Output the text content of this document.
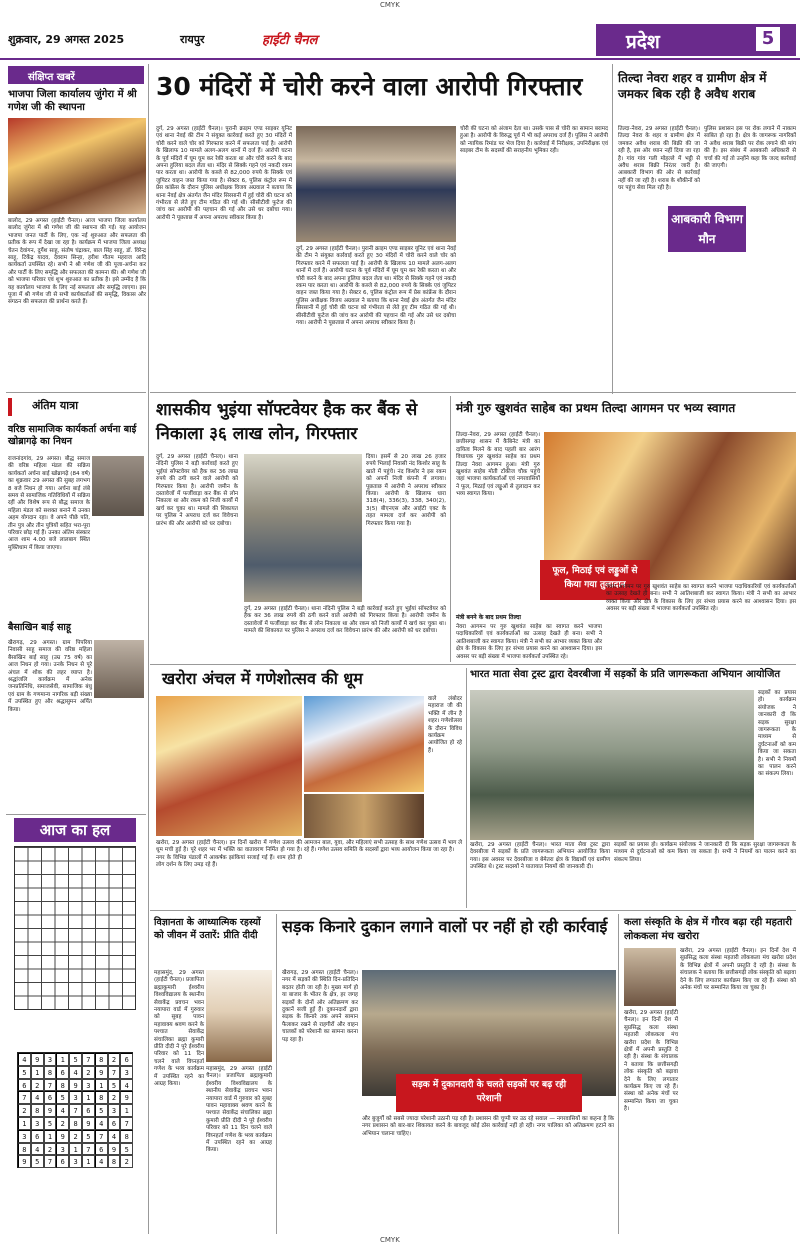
CMYK
शुक्रवार, 29 अगस्त 2025	रायपुर	हाईटी चैनल	प्रदेश	5
संक्षिप्त खबरें
भाजपा जिला कार्यालय जुंगेरा में श्री गणेश जी की स्थापना
बालोद, 29 अगस्त (हाईटी चैनल)। आज भाजपा जिला कार्यालय बालोद जुंगेरा में श्री गणेश जी की स्थापना की गई। यह आयोजन भाजपा जनत पार्टी के लिए, एक नई शुरुआत और सफलता की प्रतीक के रूप में देखा जा रहा है। कार्यक्रम में भाजपा जिला अध्यक्ष चेतन देवांगन, दुर्गेश साहू, संतोष चंद्राकर, बाल सिंह साहू, डॉ. विरेन्द्र साहू, टिकेंद्र यादव, देवराम सिन्हा, हरीश गौतम महराज आदि कार्यकर्ता उपस्थित रहे। सभी ने श्री गणेश जी की पूजा-अर्चना कर और पार्टी के लिए समृद्धि और सफलता की कामना की। श्री गणेश जी को भाजपा परिवार एवं शुभ शुरुआत का प्रतीक है। इसे उम्मीद है कि यह कार्यालय भाजपा के लिए नई सफलता और समृद्धि लाएगा। इस पूजा में श्री गणेश जी से सभी कार्यकर्ताओं की समृद्धि, विकास और संगठन की सफलता की प्रार्थना करते हैं।
अंतिम यात्रा
वरिष्ठ सामाजिक कार्यकर्ता अर्चना बाई खोब्रागढ़े का निधन
राजनांदगांव, 29 अगस्त। बौद्ध समाज की वरिष्ठ महिला मंडल की सक्रिय कार्यकर्ता अर्चना बाई खोब्रागढ़े (84 वर्ष) का शुक्रवार 29 अगस्त की सुबह लगभग 8 बजे निधन हो गया। अर्चना बाई लंबे समय से सामाजिक गतिविधियों में सक्रिय रहीं और विशेष रूप से बौद्ध समाज के महिला मंडल को सशक्त बनाने में उनका अहम योगदान रहा। वे अपने पीछे पति, तीन पुत्र और तीन पुत्रियों सहित भरा-पूरा परिवार छोड़ गई हैं। उनका अंतिम संस्कार आज शाम 4.00 बजे लालबाग स्थित मुक्तिधाम में किया जाएगा।
बैसाखिन बाई साहू
खैरागढ़, 29 अगस्त। ग्राम पिपरिया निवासी साहू समाज की वरिष्ठ महिला बैसाखिन बाई साहू (उम्र 75 वर्ष) का आज निधन हो गया। उनके निधन से पूरे अंचल में शोक की लहर व्याप्त है। श्रद्धांजलि कार्यक्रम में अनेक जनप्रतिनिधि, समाजसेवी, सामाजिक बंधु एवं ग्राम के गणमान्य नागरिक बड़ी संख्या में उपस्थित हुए और श्रद्धासुमन अर्पित किया।
आज का हल
4	9	3	1	5	7	8	2	6
5	1	8	6	4	2	9	7	3
6	2	7	8	9	3	1	5	4
7	4	6	5	3	1	8	2	9
2	8	9	4	7	6	5	3	1
1	3	5	2	8	9	4	6	7
3	6	1	9	2	5	7	4	8
8	4	2	3	1	7	6	9	5
9	5	7	6	3	1	4	8	2
30 मंदिरों में चोरी करने वाला आरोपी गिरफ्तार
दुर्ग, 29 अगस्त (हाईटी चैनल)। पुरानी क्राइम एण्ड साइबर यूनिट एवं थाना नेवई की टीम ने संयुक्त कार्रवाई करते हुए 30 मंदिरों में चोरी करने वाले चोर को गिरफ्तार करने में सफलता पाई है। आरोपी के खिलाफ 10 मामले अलग-अलग थानों में दर्ज हैं। आरोपी घटना के पूर्व मंदिरों में घूम घूम कर रेकी करता था और चोरी करने के बाद अपना हुलिया बदल लेता था। मंदिर से सिक्के गहने एवं नकदी रकम पार करता था। आरोपी के कब्जे से 82,000 रुपये के सिक्के एवं जुपिटर वाहन जब्त किया गया है। सेक्टर 6, पुलिस कंट्रोल रूम में प्रेस कांफ्रेंस के दौरान पुलिस अधीक्षक विजय अग्रवाल ने बताया कि थाना नेवई क्षेत्र अंतर्गत जैन मंदिर सिरसानी में हुई चोरी की घटना को गंभीरता से लेते हुए टीम गठित की गई थी। सीसीटीवी फुटेज की जांच कर आरोपी की पहचान की गई और उसे धर दबोचा गया। आरोपी ने पूछताछ में अपना अपराध स्वीकार किया है।
चोरी की घटना को अंजाम देता था। उसके पास से चोरी का सामान बरामद हुआ है। आरोपी के विरुद्ध पूर्व में भी कई अपराध दर्ज हैं। पुलिस ने आरोपी को न्यायिक रिमांड पर भेज दिया है। कार्रवाई में निरीक्षक, उपनिरीक्षक एवं साइबर टीम के सदस्यों की सराहनीय भूमिका रही।
दुर्ग, 29 अगस्त (हाईटी चैनल)। पुरानी क्राइम एण्ड साइबर यूनिट एवं थाना नेवई की टीम ने संयुक्त कार्रवाई करते हुए 30 मंदिरों में चोरी करने वाले चोर को गिरफ्तार करने में सफलता पाई है। आरोपी के खिलाफ 10 मामले अलग-अलग थानों में दर्ज हैं। आरोपी घटना के पूर्व मंदिरों में घूम घूम कर रेकी करता था और चोरी करने के बाद अपना हुलिया बदल लेता था। मंदिर से सिक्के गहने एवं नकदी रकम पार करता था। आरोपी के कब्जे से 82,000 रुपये के सिक्के एवं जुपिटर वाहन जब्त किया गया है। सेक्टर 6, पुलिस कंट्रोल रूम में प्रेस कांफ्रेंस के दौरान पुलिस अधीक्षक विजय अग्रवाल ने बताया कि थाना नेवई क्षेत्र अंतर्गत जैन मंदिर सिरसानी में हुई चोरी की घटना को गंभीरता से लेते हुए टीम गठित की गई थी। सीसीटीवी फुटेज की जांच कर आरोपी की पहचान की गई और उसे धर दबोचा गया। आरोपी ने पूछताछ में अपना अपराध स्वीकार किया है।
तिल्दा नेवरा शहर व ग्रामीण क्षेत्र में जमकर बिक रही है अवैध शराब
तिल्दा-नेवरा, 29 अगस्त (हाईटी चैनल)। तिल्दा नेवरा के शहर व ग्रामीण क्षेत्र में जमकर अवैध शराब की बिक्री की जा रही है, इस ओर ध्यान नहीं दिया जा रहा है। गांव गांव गली मोहल्ले में भट्ठी से अवैध शराब बिक्री निरंतर जारी है। आबकारी विभाग की ओर से कार्रवाई नहीं की जा रही है। शराब के शौकीनों को घर पहुंच सेवा मिल रही है।
आबकारी विभाग मौन
पुलिस प्रशासन इस पर रोक लगाने में नाकाम साबित हो रहा है। क्षेत्र के जागरूक नागरिकों ने अवैध शराब बिक्री पर रोक लगाने की मांग की है। इस संबंध में आबकारी अधिकारी से चर्चा की गई तो उन्होंने कहा कि जल्द कार्रवाई की जाएगी।
शासकीय भुइंया सॉफ्टवेयर हैक कर बैंक से निकाला ३६ लाख लोन, गिरफ्तार
दुर्ग, 29 अगस्त (हाईटी चैनल)। थाना नंदिनी पुलिस ने बड़ी कार्रवाई करते हुए भुईयां सॉफ्टवेयर को हैक कर 36 लाख रुपये की ठगी करने वाले आरोपी को गिरफ्तार किया है। आरोपी जमीन के दस्तावेजों में फर्जीवाड़ा कर बैंक से लोन निकाला था और रकम को निजी कार्यों में खर्च कर चुका था। मामले की शिकायत पर पुलिस ने अपराध दर्ज कर विवेचना प्रारंभ की और आरोपी को धर दबोचा।
दिया। इसमें से 20 लाख 26 हजार रुपये भिलाई निवासी नंद किशोर साहू के खाते में पहुंचे। नंद किशोर ने इस रकम को अपनी निजी कंपनी में लगाया। पूछताछ में आरोपी ने अपराध स्वीकार किया। आरोपी के खिलाफ धारा 318(4), 336(3), 338, 340(2), 3(5) बीएनएस और आईटी एक्ट के तहत मामला दर्ज कर आरोपी को गिरफ्तार किया गया है।
दुर्ग, 29 अगस्त (हाईटी चैनल)। थाना नंदिनी पुलिस ने बड़ी कार्रवाई करते हुए भुईयां सॉफ्टवेयर को हैक कर 36 लाख रुपये की ठगी करने वाले आरोपी को गिरफ्तार किया है। आरोपी जमीन के दस्तावेजों में फर्जीवाड़ा कर बैंक से लोन निकाला था और रकम को निजी कार्यों में खर्च कर चुका था। मामले की शिकायत पर पुलिस ने अपराध दर्ज कर विवेचना प्रारंभ की और आरोपी को धर दबोचा।
मंत्री गुरु खुशवंत साहेब का प्रथम तिल्दा आगमन पर भव्य स्वागत
तिल्दा-नेवरा, 29 अगस्त (हाईटी चैनल)। छत्तीसगढ़ शासन में कैबिनेट मंत्री का दायित्व मिलने के बाद पहली बार आरंग विधायक गुरु खुशवंत साहेब का प्रथम तिल्दा नेवरा आगमन हुआ। मंत्री गुरु खुशवंत साहेब मोती टॉकीज चौक पहुंचे जहां भाजपा कार्यकर्ताओं एवं नगरवासियों ने फूल, मिठाई एवं लड्डुओं से तुलादान कर भव्य स्वागत किया।
फूल, मिठाई एवं लड्डुओं से किया गया तुलादान
मंत्री बनने के बाद प्रथम तिल्दा
नेवरा आगमन पर गुरु खुशवंत साहेब का स्वागत करने भाजपा पदाधिकारियों एवं कार्यकर्ताओं का उत्साह देखते ही बना। सभी ने आतिशबाजी कर स्वागत किया। मंत्री ने सभी का आभार व्यक्त किया और क्षेत्र के विकास के लिए हर संभव प्रयास करने का आश्वासन दिया। इस अवसर पर बड़ी संख्या में भाजपा कार्यकर्ता उपस्थित रहे।
नेवरा आगमन पर गुरु खुशवंत साहेब का स्वागत करने भाजपा पदाधिकारियों एवं कार्यकर्ताओं का उत्साह देखते ही बना। सभी ने आतिशबाजी कर स्वागत किया। मंत्री ने सभी का आभार व्यक्त किया और क्षेत्र के विकास के लिए हर संभव प्रयास करने का आश्वासन दिया। इस अवसर पर बड़ी संख्या में भाजपा कार्यकर्ता उपस्थित रहे।
खरोरा अंचल में गणेशोत्सव की धूम
वाले लंबोदर महाराज जी की भक्ति में लीन है शहर। गणेशोत्सव के दौरान विविध कार्यक्रम आयोजित हो रहे हैं।
खरोरा, 29 अगस्त (हाईटी चैनल)। इन दिनों खरोरा में गणेश उत्सव की धूम मची हुई है। पूरे शहर भर में भक्ति का वातावरण निर्मित हो गया है। नगर के विभिन्न पंडालों में आकर्षक झांकियां सजाई गई हैं। शाम होते ही लोग दर्शन के लिए उमड़ रहे हैं।
आमजन बाल, युवा, और महिलाएं सभी उत्साह के साथ गणेश उत्सव में भाग ले रहे हैं। गणेश उत्सव समिति के सदस्यों द्वारा भव्य आयोजन किया जा रहा है।
भारत माता सेवा ट्रस्ट द्वारा देवरबीजा में सड़कों के प्रति जागरूकता अभियान आयोजित
सड़कों का प्रयास हो। कार्यक्रम संयोजक ने जानकारी दी कि सड़क सुरक्षा जागरूकता के माध्यम से दुर्घटनाओं को कम किया जा सकता है। सभी ने नियमों का पालन करने का संकल्प लिया।
खरोरा, 29 अगस्त (हाईटी चैनल)। भारत माता सेवा ट्रस्ट द्वारा देवरबीजा में सड़कों के प्रति जागरूकता अभियान आयोजित किया गया। इस अवसर पर देवरबीजा व बेमेतरा क्षेत्र के विद्यार्थी एवं ग्रामीण उपस्थित थे। ट्रस्ट सदस्यों ने यातायात नियमों की जानकारी दी।
सड़कों का प्रयास हो। कार्यक्रम संयोजक ने जानकारी दी कि सड़क सुरक्षा जागरूकता के माध्यम से दुर्घटनाओं को कम किया जा सकता है। सभी ने नियमों का पालन करने का संकल्प लिया।
विज्ञानता के आध्यात्मिक रहस्यों को जीवन में उतारें: प्रीति दीदी
महासमुंद, 29 अगस्त (हाईटी चैनल)। प्रजापिता ब्रह्माकुमारी ईश्वरीय विश्वविद्यालय के स्थानीय सेवाकेंद्र प्रवचन भवन नयापारा वार्ड में गुरुवार को सुबह पावन महावाक्य श्रवण करने के पश्चात सेवाकेंद्र संचालिका ब्रह्मा कुमारी प्रीति दीदी ने पूरे ईश्वरीय परिवार को 11 दिन चलने वाले विघ्नहर्ता गणेश के भव्य कार्यक्रम में उपस्थित रहने का आग्रह किया।
महासमुंद, 29 अगस्त (हाईटी चैनल)। प्रजापिता ब्रह्माकुमारी ईश्वरीय विश्वविद्यालय के स्थानीय सेवाकेंद्र प्रवचन भवन नयापारा वार्ड में गुरुवार को सुबह पावन महावाक्य श्रवण करने के पश्चात सेवाकेंद्र संचालिका ब्रह्मा कुमारी प्रीति दीदी ने पूरे ईश्वरीय परिवार को 11 दिन चलने वाले विघ्नहर्ता गणेश के भव्य कार्यक्रम में उपस्थित रहने का आग्रह किया।
सड़क किनारे दुकान लगाने वालों पर नहीं हो रही कार्रवाई
खैरागढ़, 29 अगस्त (हाईटी चैनल)। नगर में सड़कों की स्थिति दिन-प्रतिदिन बदतर होती जा रही है। मुख्य मार्ग हो या बाजार के भीतर के क्षेत्र, हर जगह सड़कों के दोनों ओर अतिक्रमण कर दुकानें सजी हुई हैं। दुकानदारों द्वारा सड़क के किनारे तक अपने सामान फैलाकर रखने से राहगीरों और वाहन चालकों को परेशानी का सामना करना पड़ रहा है।
सड़क में दुकानदारी के चलते सड़कों पर बढ़ रही परेशानी
और बुजुर्गों को सबसे ज्यादा परेशानी उठानी पड़ रही है। प्रशासन की चुप्पी पर उठ रहे सवाल — नगरवासियों का कहना है कि नगर प्रशासन को बार-बार शिकायत करने के बावजूद कोई ठोस कार्रवाई नहीं हो रही। नगर पालिका को अतिक्रमण हटाने का अभियान चलाना चाहिए।
कला संस्कृति के क्षेत्र में गौरव बढ़ा रही महतारी लोककला मंच खरोरा
खरोरा, 29 अगस्त (हाईटी चैनल)। इन दिनों देश में सुप्रसिद्ध कला संस्था महतारी लोककला मंच खरोरा प्रदेश के विभिन्न क्षेत्रों में अपनी प्रस्तुति दे रही है। संस्था के संचालक ने बताया कि छत्तीसगढ़ी लोक संस्कृति को बढ़ावा देने के लिए लगातार कार्यक्रम किए जा रहे हैं। संस्था को अनेक मंचों पर सम्मानित किया जा चुका है।
खरोरा, 29 अगस्त (हाईटी चैनल)। इन दिनों देश में सुप्रसिद्ध कला संस्था महतारी लोककला मंच खरोरा प्रदेश के विभिन्न क्षेत्रों में अपनी प्रस्तुति दे रही है। संस्था के संचालक ने बताया कि छत्तीसगढ़ी लोक संस्कृति को बढ़ावा देने के लिए लगातार कार्यक्रम किए जा रहे हैं। संस्था को अनेक मंचों पर सम्मानित किया जा चुका है।
CMYK
